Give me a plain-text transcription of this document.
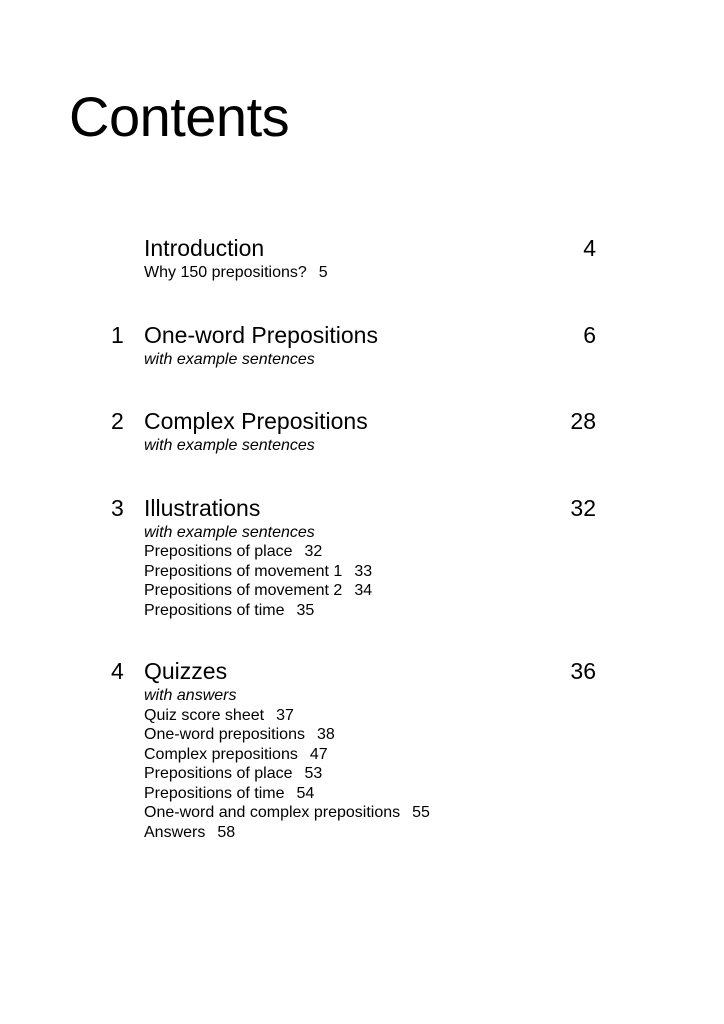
Contents
Introduction	4
Why 150 prepositions? 5
1 One-word Prepositions	6
with example sentences
2 Complex Prepositions	28
with example sentences
3 Illustrations	32
with example sentences
Prepositions of place 32
Prepositions of movement 1 33
Prepositions of movement 2 34
Prepositions of time 35
4 Quizzes	36
with answers
Quiz score sheet 37
One-word prepositions 38
Complex prepositions 47
Prepositions of place 53
Prepositions of time 54
One-word and complex prepositions 55
Answers 58
